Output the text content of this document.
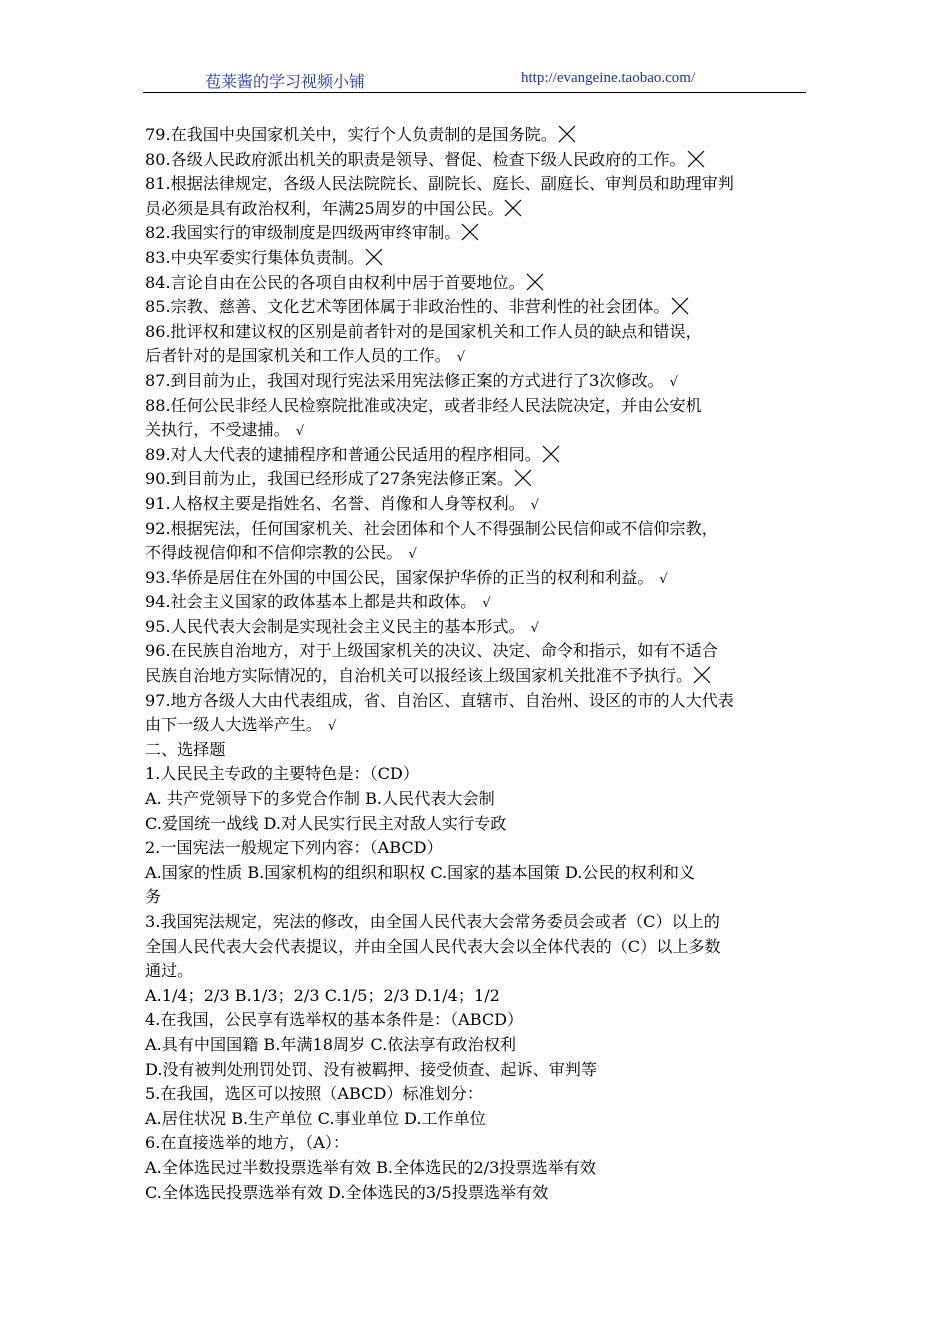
苞莱酱的学习视频小铺	http://evangeine.taobao.com/
79.在我国中央国家机关中，实行个人负责制的是国务院。
80.各级人民政府派出机关的职责是领导、督促、检查下级人民政府的工作。
81.根据法律规定，各级人民法院院长、副院长、庭长、副庭长、审判员和助理审判
员必须是具有政治权利，年满25周岁的中国公民。
82.我国实行的审级制度是四级两审终审制。
83.中央军委实行集体负责制。
84.言论自由在公民的各项自由权利中居于首要地位。
85.宗教、慈善、文化艺术等团体属于非政治性的、非营利性的社会团体。
86.批评权和建议权的区别是前者针对的是国家机关和工作人员的缺点和错误，
后者针对的是国家机关和工作人员的工作。 √
87.到目前为止，我国对现行宪法采用宪法修正案的方式进行了3次修改。 √
88.任何公民非经人民检察院批准或决定，或者非经人民法院决定，并由公安机
关执行，不受逮捕。 √
89.对人大代表的逮捕程序和普通公民适用的程序相同。
90.到目前为止，我国已经形成了27条宪法修正案。
91.人格权主要是指姓名、名誉、肖像和人身等权利。 √
92.根据宪法，任何国家机关、社会团体和个人不得强制公民信仰或不信仰宗教，
不得歧视信仰和不信仰宗教的公民。 √
93.华侨是居住在外国的中国公民，国家保护华侨的正当的权利和利益。 √
94.社会主义国家的政体基本上都是共和政体。 √
95.人民代表大会制是实现社会主义民主的基本形式。 √
96.在民族自治地方，对于上级国家机关的决议、决定、命令和指示，如有不适合
民族自治地方实际情况的，自治机关可以报经该上级国家机关批准不予执行。
97.地方各级人大由代表组成，省、自治区、直辖市、自治州、设区的市的人大代表
由下一级人大选举产生。 √
二、选择题
1.人民民主专政的主要特色是：（CD）
A. 共产党领导下的多党合作制 B.人民代表大会制
C.爱国统一战线 D.对人民实行民主对敌人实行专政
2.一国宪法一般规定下列内容：（ABCD）
A.国家的性质 B.国家机构的组织和职权 C.国家的基本国策 D.公民的权利和义
务
3.我国宪法规定，宪法的修改，由全国人民代表大会常务委员会或者（C）以上的
全国人民代表大会代表提议，并由全国人民代表大会以全体代表的（C）以上多数
通过。
A.1/4；2/3 B.1/3；2/3 C.1/5；2/3 D.1/4；1/2
4.在我国，公民享有选举权的基本条件是：（ABCD）
A.具有中国国籍 B.年满18周岁 C.依法享有政治权利
D.没有被判处刑罚处罚、没有被羁押、接受侦查、起诉、审判等
5.在我国，选区可以按照（ABCD）标准划分：
A.居住状况 B.生产单位 C.事业单位 D.工作单位
6.在直接选举的地方，（A）：
A.全体选民过半数投票选举有效 B.全体选民的2/3投票选举有效
C.全体选民投票选举有效 D.全体选民的3/5投票选举有效
